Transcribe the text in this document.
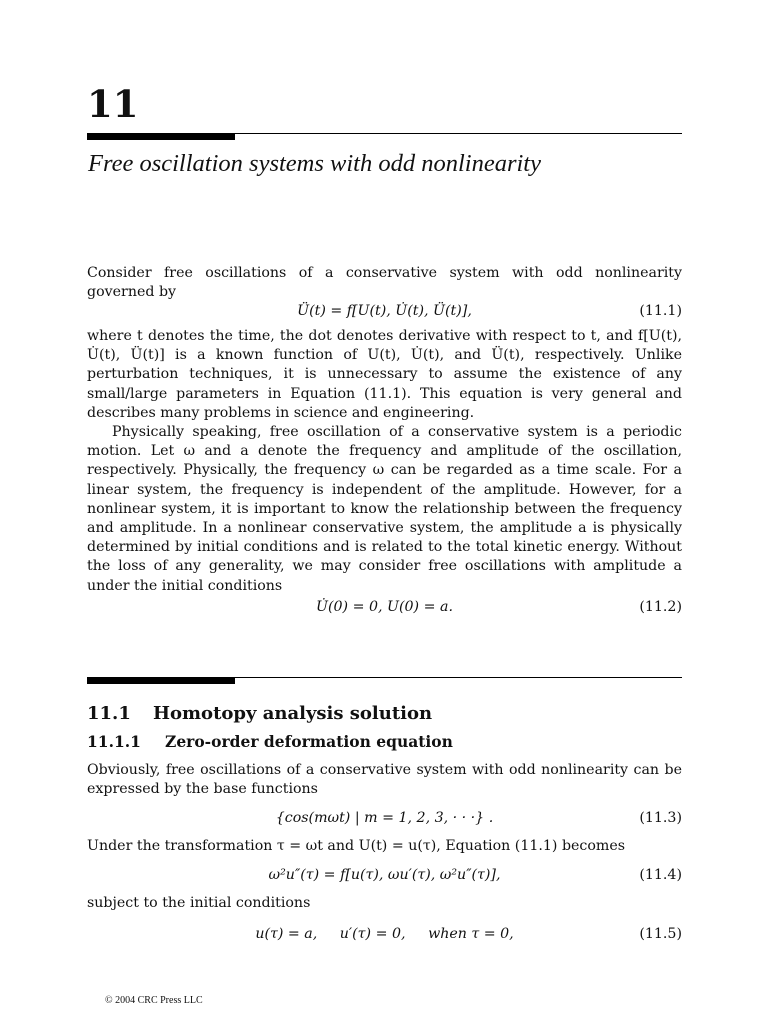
11
Free oscillation systems with odd nonlinearity

Consider free oscillations of a conservative system with odd nonlinearity governed by

Ü(t) = f[U(t), U̇(t), Ü(t)],	(11.1)

where t denotes the time, the dot denotes derivative with respect to t, and f[U(t), U̇(t), Ü(t)] is a known function of U(t), U̇(t), and Ü(t), respectively. Unlike perturbation techniques, it is unnecessary to assume the existence of any small/large parameters in Equation (11.1). This equation is very general and describes many problems in science and engineering.

Physically speaking, free oscillation of a conservative system is a periodic motion. Let ω and a denote the frequency and amplitude of the oscillation, respectively. Physically, the frequency ω can be regarded as a time scale. For a linear system, the frequency is independent of the amplitude. However, for a nonlinear system, it is important to know the relationship between the frequency and amplitude. In a nonlinear conservative system, the amplitude a is physically determined by initial conditions and is related to the total kinetic energy. Without the loss of any generality, we may consider free oscillations with amplitude a under the initial conditions

U̇(0) = 0, U(0) = a.	(11.2)
11.1 Homotopy analysis solution
11.1.1 Zero-order deformation equation

Obviously, free oscillations of a conservative system with odd nonlinearity can be expressed by the base functions

{cos(mωt) | m = 1, 2, 3, · · ·} .	(11.3)

Under the transformation τ = ωt and U(t) = u(τ), Equation (11.1) becomes

ω²u″(τ) = f[u(τ), ωu′(τ), ω²u″(τ)],	(11.4)

subject to the initial conditions

u(τ) = a,     u′(τ) = 0,     when τ = 0,	(11.5)
© 2004 CRC Press LLC
